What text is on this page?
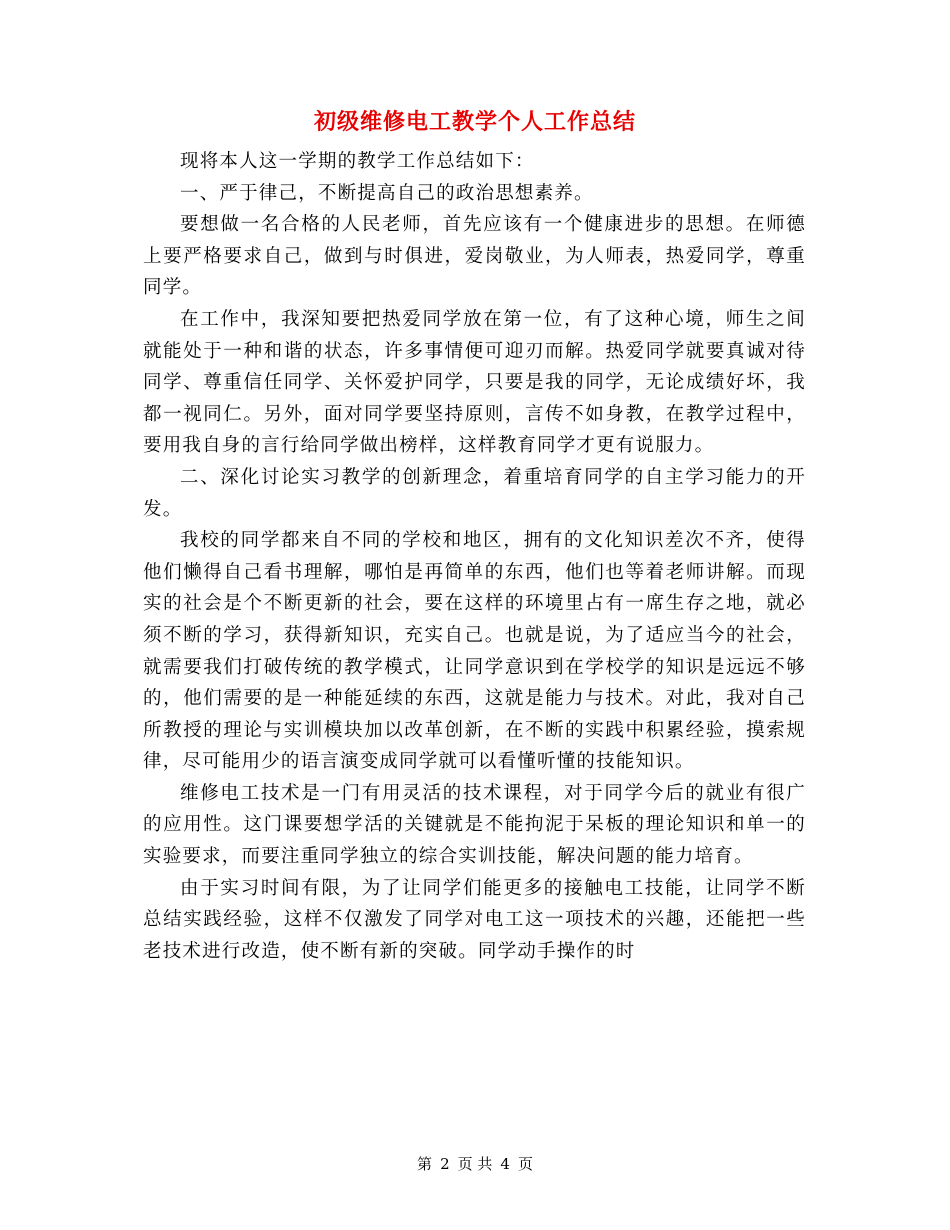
初级维修电工教学个人工作总结

现将本人这一学期的教学工作总结如下：

一、严于律己，不断提高自己的政治思想素养。

要想做一名合格的人民老师，首先应该有一个健康进步的思想。在师德上要严格要求自己，做到与时俱进，爱岗敬业，为人师表，热爱同学，尊重同学。

在工作中，我深知要把热爱同学放在第一位，有了这种心境，师生之间就能处于一种和谐的状态，许多事情便可迎刃而解。热爱同学就要真诚对待同学、尊重信任同学、关怀爱护同学，只要是我的同学，无论成绩好坏，我都一视同仁。另外，面对同学要坚持原则，言传不如身教，在教学过程中，要用我自身的言行给同学做出榜样，这样教育同学才更有说服力。

二、深化讨论实习教学的创新理念，着重培育同学的自主学习能力的开发。

我校的同学都来自不同的学校和地区，拥有的文化知识差次不齐，使得他们懒得自己看书理解，哪怕是再简单的东西，他们也等着老师讲解。而现实的社会是个不断更新的社会，要在这样的环境里占有一席生存之地，就必须不断的学习，获得新知识，充实自己。也就是说，为了适应当今的社会，就需要我们打破传统的教学模式，让同学意识到在学校学的知识是远远不够的，他们需要的是一种能延续的东西，这就是能力与技术。对此，我对自己所教授的理论与实训模块加以改革创新，在不断的实践中积累经验，摸索规律，尽可能用少的语言演变成同学就可以看懂听懂的技能知识。

维修电工技术是一门有用灵活的技术课程，对于同学今后的就业有很广的应用性。这门课要想学活的关键就是不能拘泥于呆板的理论知识和单一的实验要求，而要注重同学独立的综合实训技能，解决问题的能力培育。

由于实习时间有限，为了让同学们能更多的接触电工技能，让同学不断总结实践经验，这样不仅激发了同学对电工这一项技术的兴趣，还能把一些老技术进行改造，使不断有新的突破。同学动手操作的时

第 2 页 共 4 页
